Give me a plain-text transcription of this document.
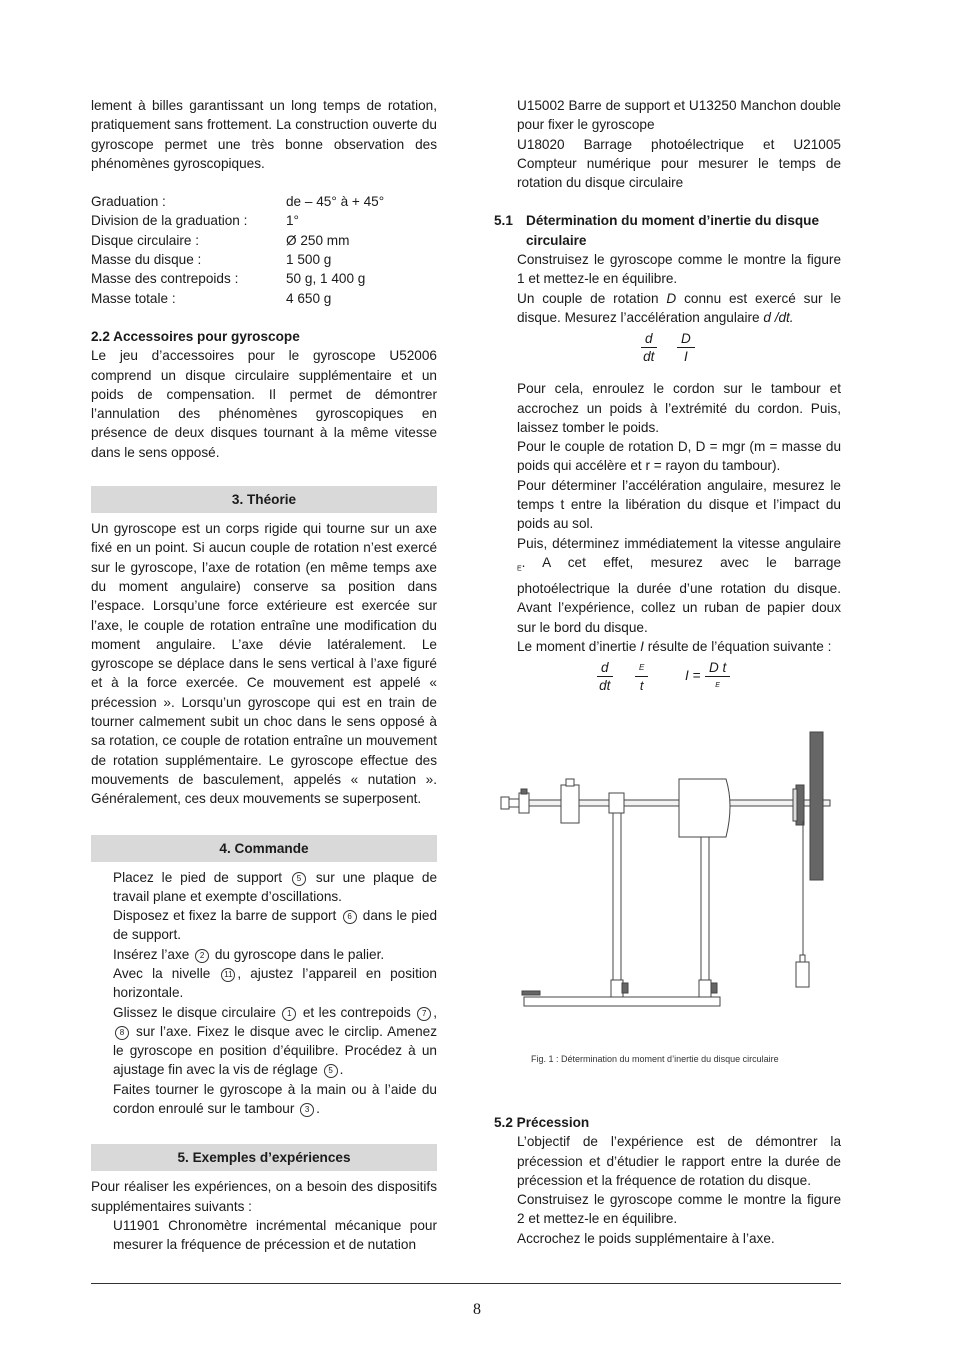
lement à billes garantissant un long temps de rotation, pratiquement sans frottement. La construction ouverte du gyroscope permet une très bonne observation des phénomènes gyroscopiques.

Graduation :	de – 45° à + 45°
Division de la graduation :	1°
Disque circulaire :	Ø 250 mm
Masse du disque :	1 500 g
Masse des contrepoids :	50 g, 1 400 g
Masse totale :	4 650 g

2.2 Accessoires pour gyroscope

Le jeu d’accessoires pour le gyroscope U52006 comprend un disque circulaire supplémentaire et un poids de compensation. Il permet de démontrer l’annulation des phénomènes gyroscopiques en présence de deux disques tournant à la même vitesse dans le sens opposé.

3. Théorie

Un gyroscope est un corps rigide qui tourne sur un axe fixé en un point. Si aucun couple de rotation n’est exercé sur le gyroscope, l’axe de rotation (en même temps axe du moment angulaire) conserve sa position dans l’espace. Lorsqu’une force extérieure est exercée sur l’axe, le couple de rotation entraîne une modification du moment angulaire. L’axe dévie latéralement. Le gyroscope se déplace dans le sens vertical à l’axe figuré et à la force exercée. Ce mouvement est appelé « précession ». Lorsqu’un gyroscope qui est en train de tourner calmement subit un choc dans le sens opposé à sa rotation, ce couple de rotation entraîne un mouvement de rotation supplémentaire. Le gyroscope effectue des mouvements de basculement, appelés « nutation ». Généralement, ces deux mouvements se superposent.

4. Commande

Placez le pied de support 5 sur une plaque de travail plane et exempte d’oscillations.

Disposez et fixez la barre de support 6 dans le pied de support.

Insérez l’axe 2 du gyroscope dans le palier.

Avec la nivelle 11 , ajustez l’appareil en position horizontale.

Glissez le disque circulaire 1 et les contrepoids 7 , 8 sur l’axe. Fixez le disque avec le circlip. Amenez le gyroscope en position d’équilibre. Procédez à un ajustage fin avec la vis de réglage 5 .

Faites tourner le gyroscope à la main ou à l’aide du cordon enroulé sur le tambour 3 .

5. Exemples d’expériences

Pour réaliser les expériences, on a besoin des dispositifs supplémentaires suivants :

U11901 Chronomètre incrémental mécanique pour mesurer la fréquence de précession et de nutation

U15002 Barre de support et U13250 Manchon double pour fixer le gyroscope

U18020 Barrage photoélectrique et U21005 Compteur numérique pour mesurer le temps de rotation du disque circulaire

5.1 Détermination du moment d’inertie du disque circulaire

Construisez le gyroscope comme le montre la figure 1 et mettez-le en équilibre.

Un couple de rotation D connu est exercé sur le disque. Mesurez l’accélération angulaire d /dt.

$\frac{d}{dt} \frac{D}{I}$

Pour cela, enroulez le cordon sur le tambour et accrochez un poids à l’extrémité du cordon. Puis, laissez tomber le poids.

Pour le couple de rotation D, D = mgr (m = masse du poids qui accélère et r = rayon du tambour).

Pour déterminer l’accélération angulaire, mesurez le temps t entre la libération du disque et l’impact du poids au sol.

Puis, déterminez immédiatement la vitesse angulaire $_E$. A cet effet, mesurez avec le barrage photoélectrique la durée d’une rotation du disque. Avant l’expérience, collez un ruban de papier doux sur le bord du disque.

Le moment d’inertie I résulte de l’équation suivante :

$\frac{d}{dt}$	E
t
I =
D t
E
Fig. 1 : Détermination du moment d’inertie du disque circulaire

5.2 Précession

L’objectif de l’expérience est de démontrer la précession et d’étudier le rapport entre la durée de précession et la fréquence de rotation du disque.

Construisez le gyroscope comme le montre la figure 2 et mettez-le en équilibre.

Accrochez le poids supplémentaire à l’axe.

8
